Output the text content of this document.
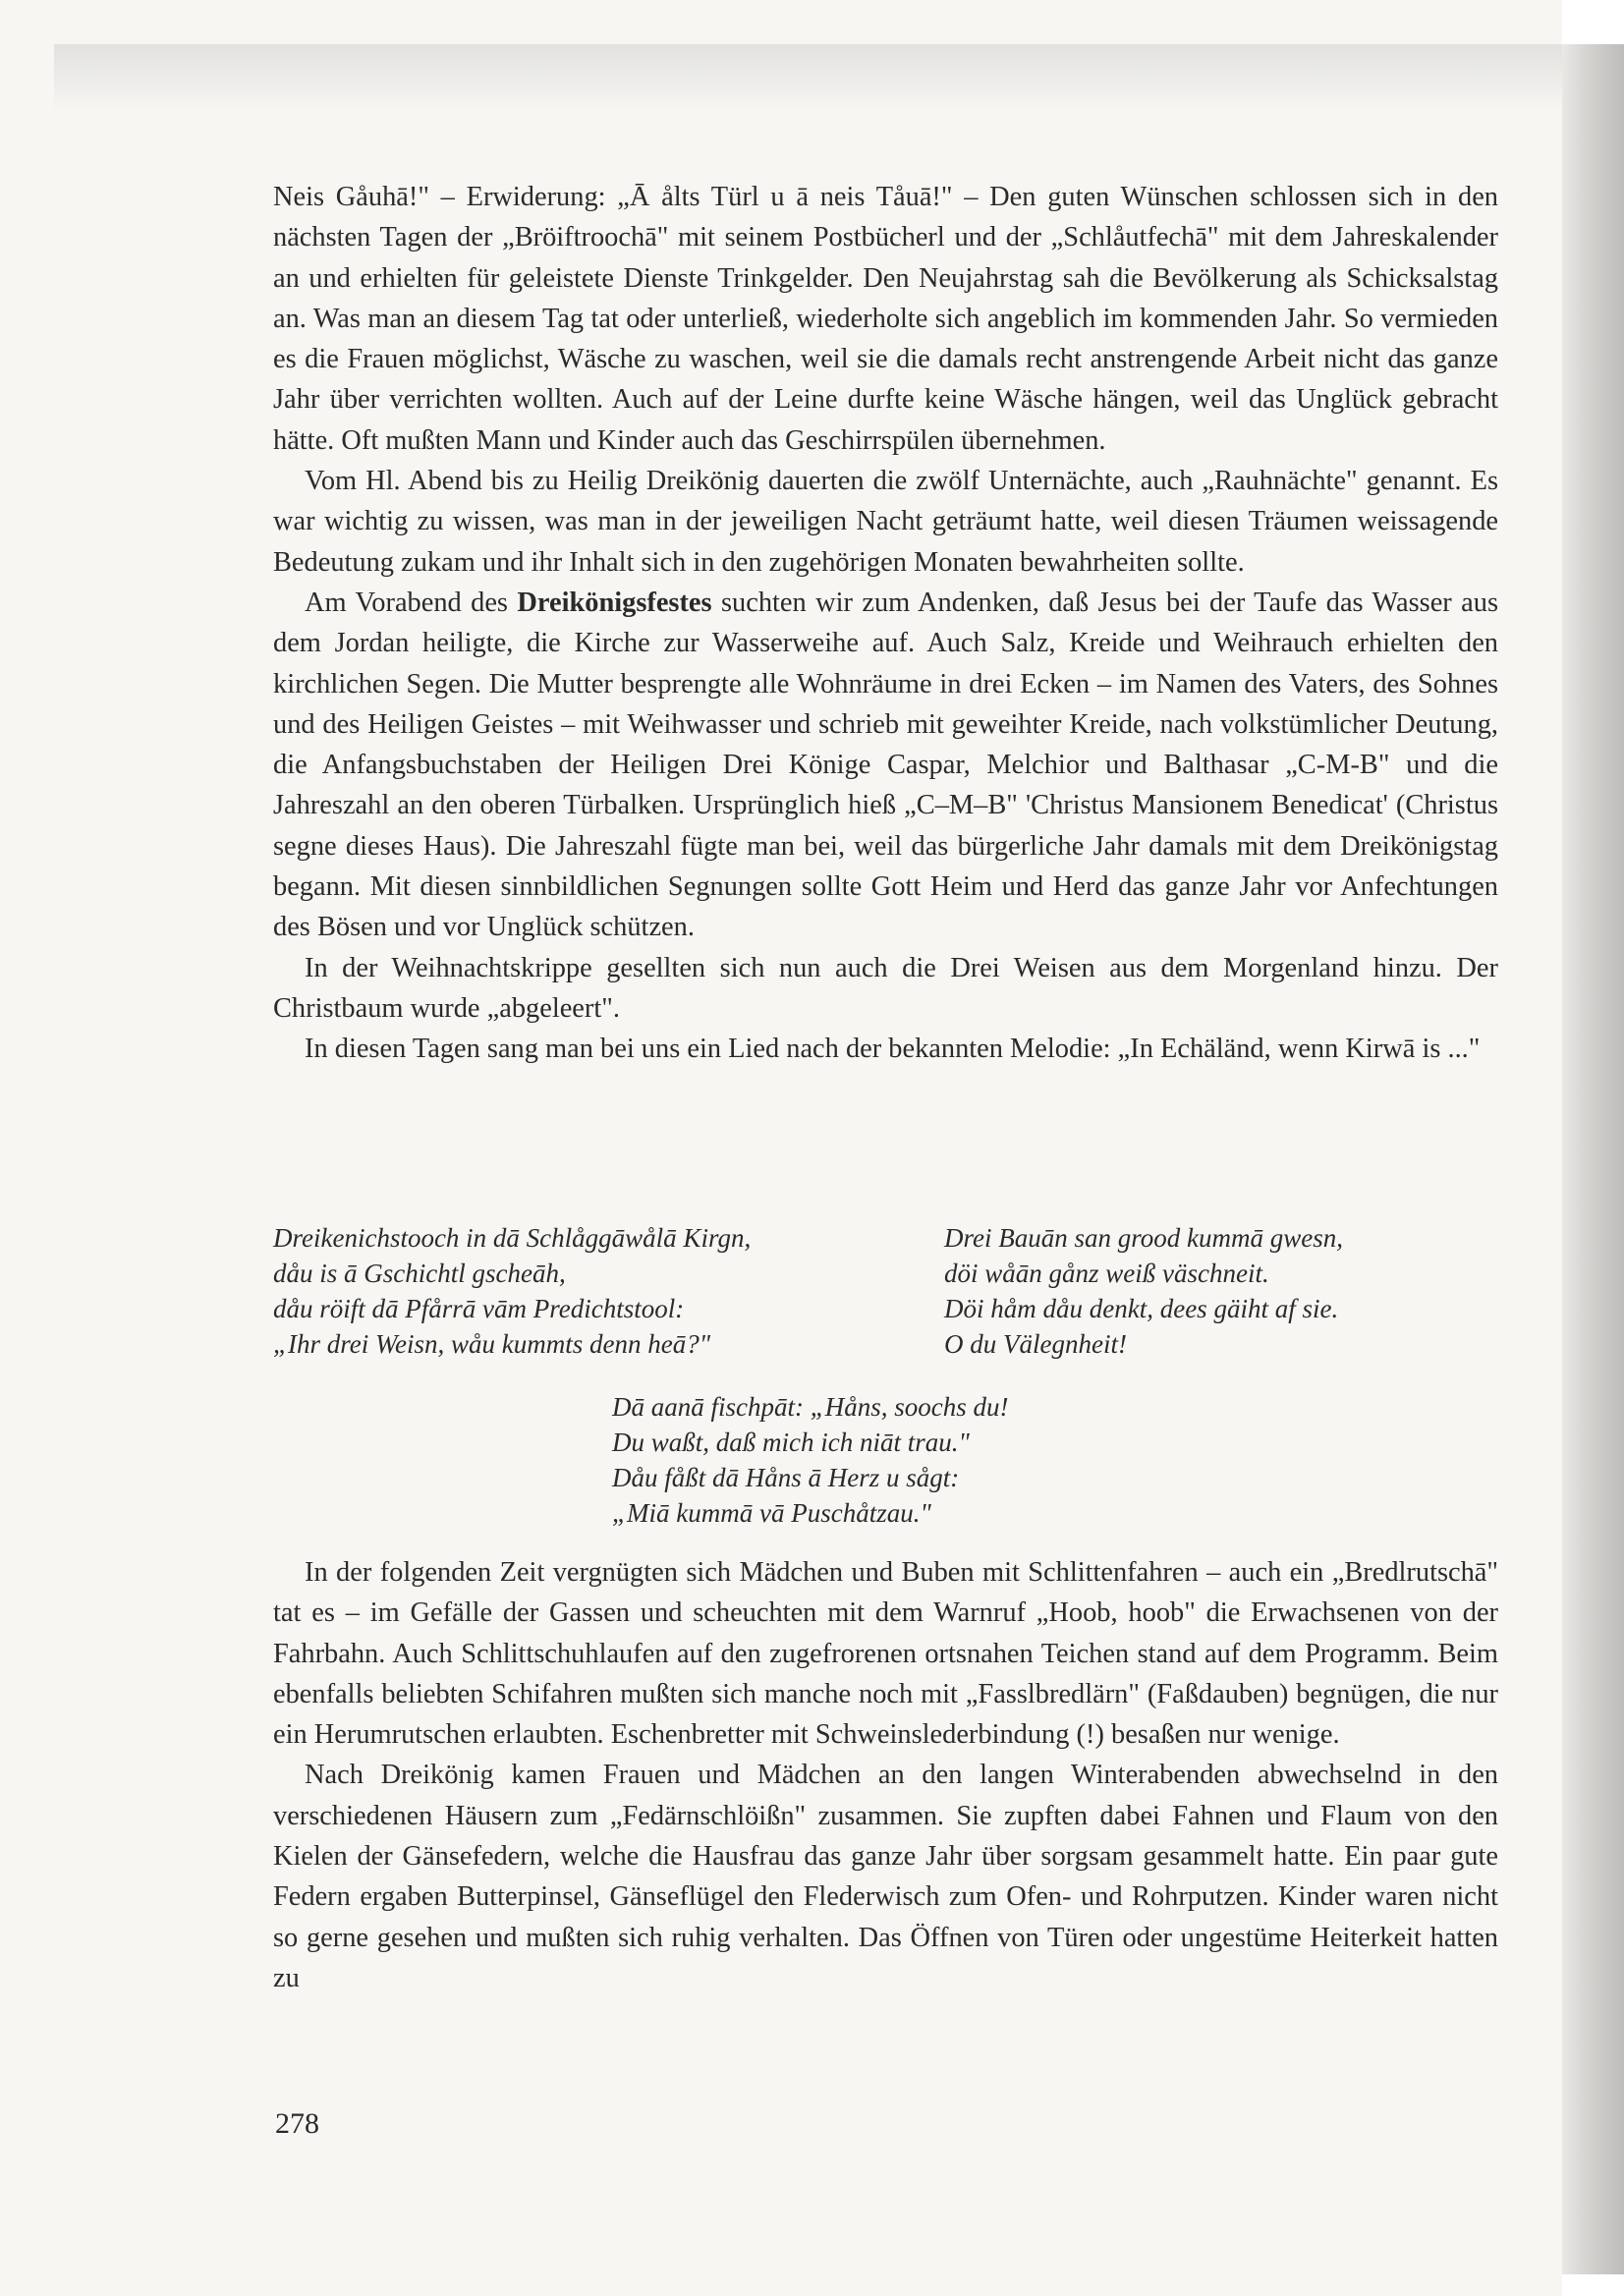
Neis Gåuhā!" – Erwiderung: „Ā ålts Türl u ā neis Tåuā!" – Den guten Wünschen schlossen sich in den nächsten Tagen der „Bröiftroochā" mit seinem Postbücherl und der „Schlåutfechā" mit dem Jahreskalender an und erhielten für geleistete Dienste Trinkgelder. Den Neujahrstag sah die Bevölkerung als Schicksalstag an. Was man an diesem Tag tat oder unterließ, wiederholte sich angeblich im kommenden Jahr. So vermieden es die Frauen möglichst, Wäsche zu waschen, weil sie die damals recht anstrengende Arbeit nicht das ganze Jahr über verrichten wollten. Auch auf der Leine durfte keine Wäsche hängen, weil das Unglück gebracht hätte. Oft mußten Mann und Kinder auch das Geschirrspülen übernehmen.

Vom Hl. Abend bis zu Heilig Dreikönig dauerten die zwölf Unternächte, auch „Rauhnächte" genannt. Es war wichtig zu wissen, was man in der jeweiligen Nacht geträumt hatte, weil diesen Träumen weissagende Bedeutung zukam und ihr Inhalt sich in den zugehörigen Monaten bewahrheiten sollte.

Am Vorabend des Dreikönigsfestes suchten wir zum Andenken, daß Jesus bei der Taufe das Wasser aus dem Jordan heiligte, die Kirche zur Wasserweihe auf. Auch Salz, Kreide und Weihrauch erhielten den kirchlichen Segen. Die Mutter besprengte alle Wohnräume in drei Ecken – im Namen des Vaters, des Sohnes und des Heiligen Geistes – mit Weihwasser und schrieb mit geweihter Kreide, nach volkstümlicher Deutung, die Anfangsbuchstaben der Heiligen Drei Könige Caspar, Melchior und Balthasar „C-M-B" und die Jahreszahl an den oberen Türbalken. Ursprünglich hieß „C–M–B" 'Christus Mansionem Benedicat' (Christus segne dieses Haus). Die Jahreszahl fügte man bei, weil das bürgerliche Jahr damals mit dem Dreikönigstag begann. Mit diesen sinnbildlichen Segnungen sollte Gott Heim und Herd das ganze Jahr vor Anfechtungen des Bösen und vor Unglück schützen.

In der Weihnachtskrippe gesellten sich nun auch die Drei Weisen aus dem Morgenland hinzu. Der Christbaum wurde „abgeleert".

In diesen Tagen sang man bei uns ein Lied nach der bekannten Melodie: „In Echäländ, wenn Kirwā is ..."

Dreikenichstooch in dā Schlåggāwålā Kirgn,
dåu is ā Gschichtl gscheāh,
dåu röift dā Pfårrā vām Predichtstool:
„Ihr drei Weisn, wåu kummts denn heā?"
Drei Bauān san grood kummā gwesn,
döi wåān gånz weiß väschneit.
Döi håm dåu denkt, dees gäiht af sie.
O du Välegnheit!
Dā aanā fischpāt: „Håns, soochs du!
Du waßt, daß mich ich niāt trau."
Dåu fåßt dā Håns ā Herz u sågt:
„Miā kummā vā Puschåtzau."

In der folgenden Zeit vergnügten sich Mädchen und Buben mit Schlittenfahren – auch ein „Bredlrutschā" tat es – im Gefälle der Gassen und scheuchten mit dem Warnruf „Hoob, hoob" die Erwachsenen von der Fahrbahn. Auch Schlittschuhlaufen auf den zugefrorenen ortsnahen Teichen stand auf dem Programm. Beim ebenfalls beliebten Schifahren mußten sich manche noch mit „Fasslbredlärn" (Faßdauben) begnügen, die nur ein Herumrutschen erlaubten. Eschenbretter mit Schweinslederbindung (!) besaßen nur wenige.

Nach Dreikönig kamen Frauen und Mädchen an den langen Winterabenden abwechselnd in den verschiedenen Häusern zum „Fedärnschlöißn" zusammen. Sie zupften dabei Fahnen und Flaum von den Kielen der Gänsefedern, welche die Hausfrau das ganze Jahr über sorgsam gesammelt hatte. Ein paar gute Federn ergaben Butterpinsel, Gänseflügel den Flederwisch zum Ofen- und Rohrputzen. Kinder waren nicht so gerne gesehen und mußten sich ruhig verhalten. Das Öffnen von Türen oder ungestüme Heiterkeit hatten zu

278
